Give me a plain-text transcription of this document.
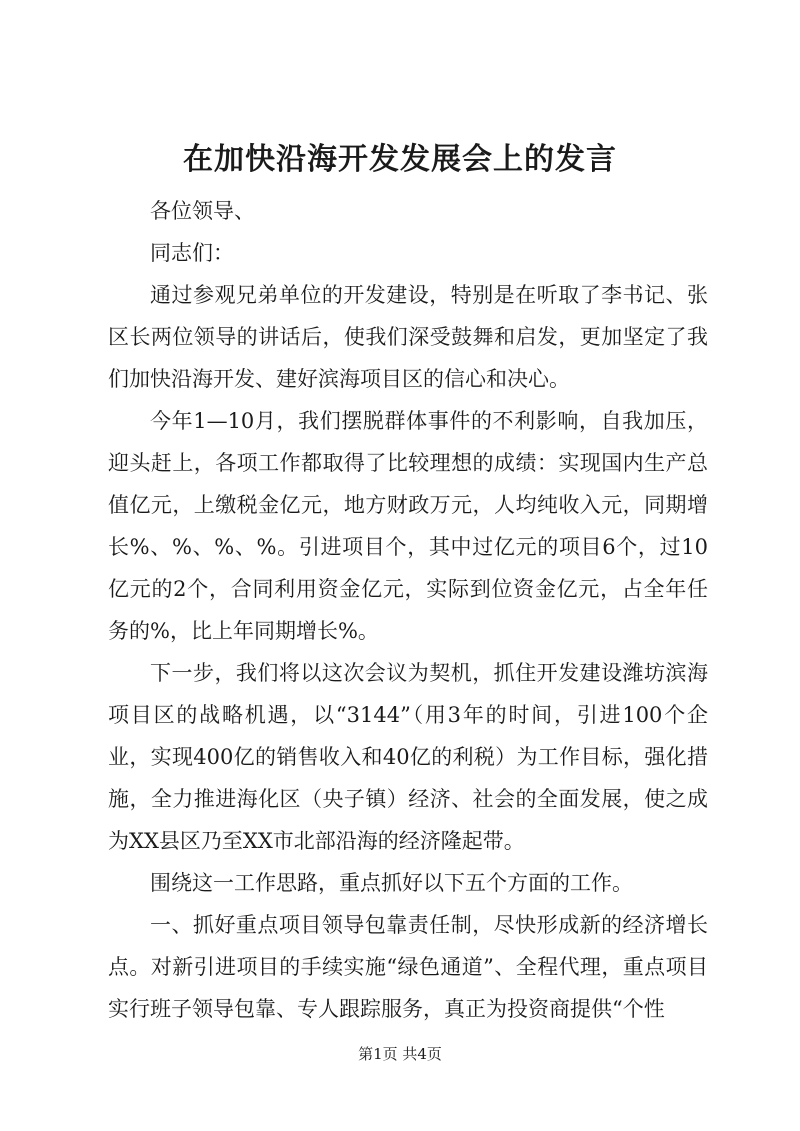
在加快沿海开发发展会上的发言

各位领导、

同志们：

通过参观兄弟单位的开发建设，特别是在听取了李书记、张区长两位领导的讲话后，使我们深受鼓舞和启发，更加坚定了我们加快沿海开发、建好滨海项目区的信心和决心。

今年1—10月，我们摆脱群体事件的不利影响，自我加压，迎头赶上，各项工作都取得了比较理想的成绩：实现国内生产总值亿元，上缴税金亿元，地方财政万元，人均纯收入元，同期增长%、%、%、%。引进项目个，其中过亿元的项目6个，过10亿元的2个，合同利用资金亿元，实际到位资金亿元，占全年任务的%，比上年同期增长%。

下一步，我们将以这次会议为契机，抓住开发建设潍坊滨海项目区的战略机遇，以“3144”（用3年的时间，引进100个企业，实现400亿的销售收入和40亿的利税）为工作目标，强化措施，全力推进海化区（央子镇）经济、社会的全面发展，使之成为XX县区乃至XX市北部沿海的经济隆起带。

围绕这一工作思路，重点抓好以下五个方面的工作。

一、抓好重点项目领导包靠责任制，尽快形成新的经济增长点。对新引进项目的手续实施“绿色通道”、全程代理，重点项目实行班子领导包靠、专人跟踪服务，真正为投资商提供“个性

第1页 共4页
